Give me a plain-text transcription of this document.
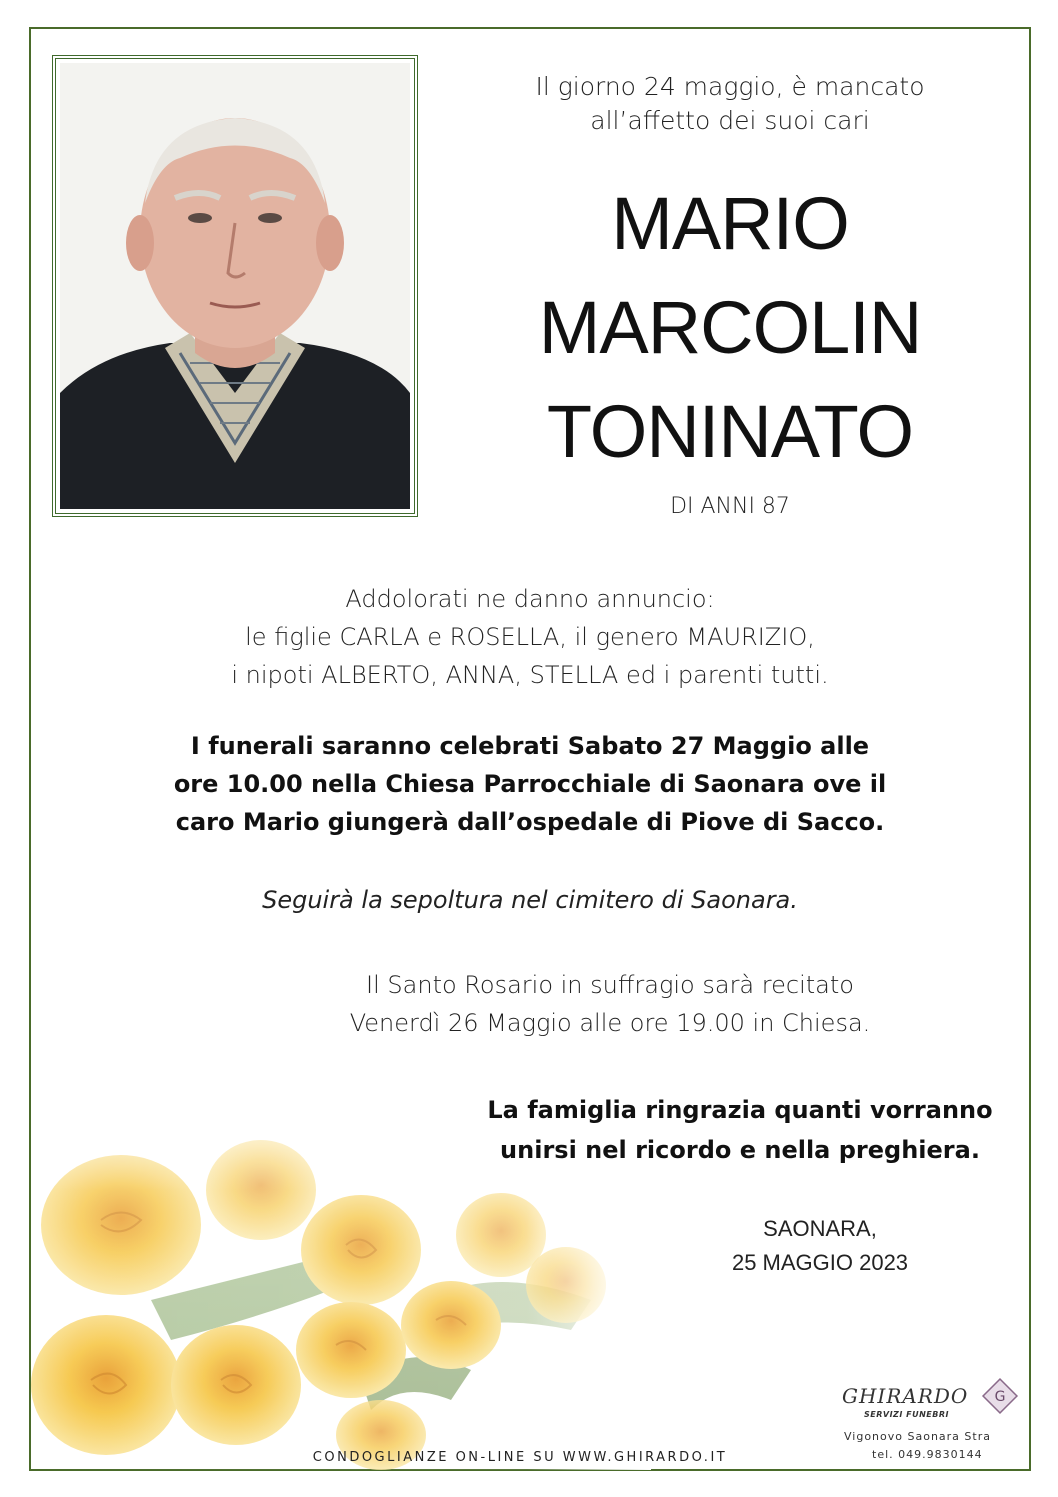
Il giorno 24 maggio, è mancato
all’affetto dei suoi cari
MARIO
MARCOLIN
TONINATO
DI ANNI 87
Addolorati ne danno annuncio:
le figlie CARLA e ROSELLA, il genero MAURIZIO,
i nipoti ALBERTO, ANNA, STELLA ed i parenti tutti.
I funerali saranno celebrati Sabato 27 Maggio alle
ore 10.00 nella Chiesa Parrocchiale di Saonara ove il
caro Mario giungerà dall’ospedale di Piove di Sacco.
Seguirà la sepoltura nel cimitero di Saonara.
Il Santo Rosario in suffragio sarà recitato
Venerdì 26 Maggio alle ore 19.00 in Chiesa.
La famiglia ringrazia quanti vorranno
unirsi nel ricordo e nella preghiera.
SAONARA,
25 MAGGIO 2023
GHIRARDO
SERVIZI FUNEBRI
G
Vigonovo Saonara Stra
tel. 049.9830144
CONDOGLIANZE ON-LINE SU WWW.GHIRARDO.IT
